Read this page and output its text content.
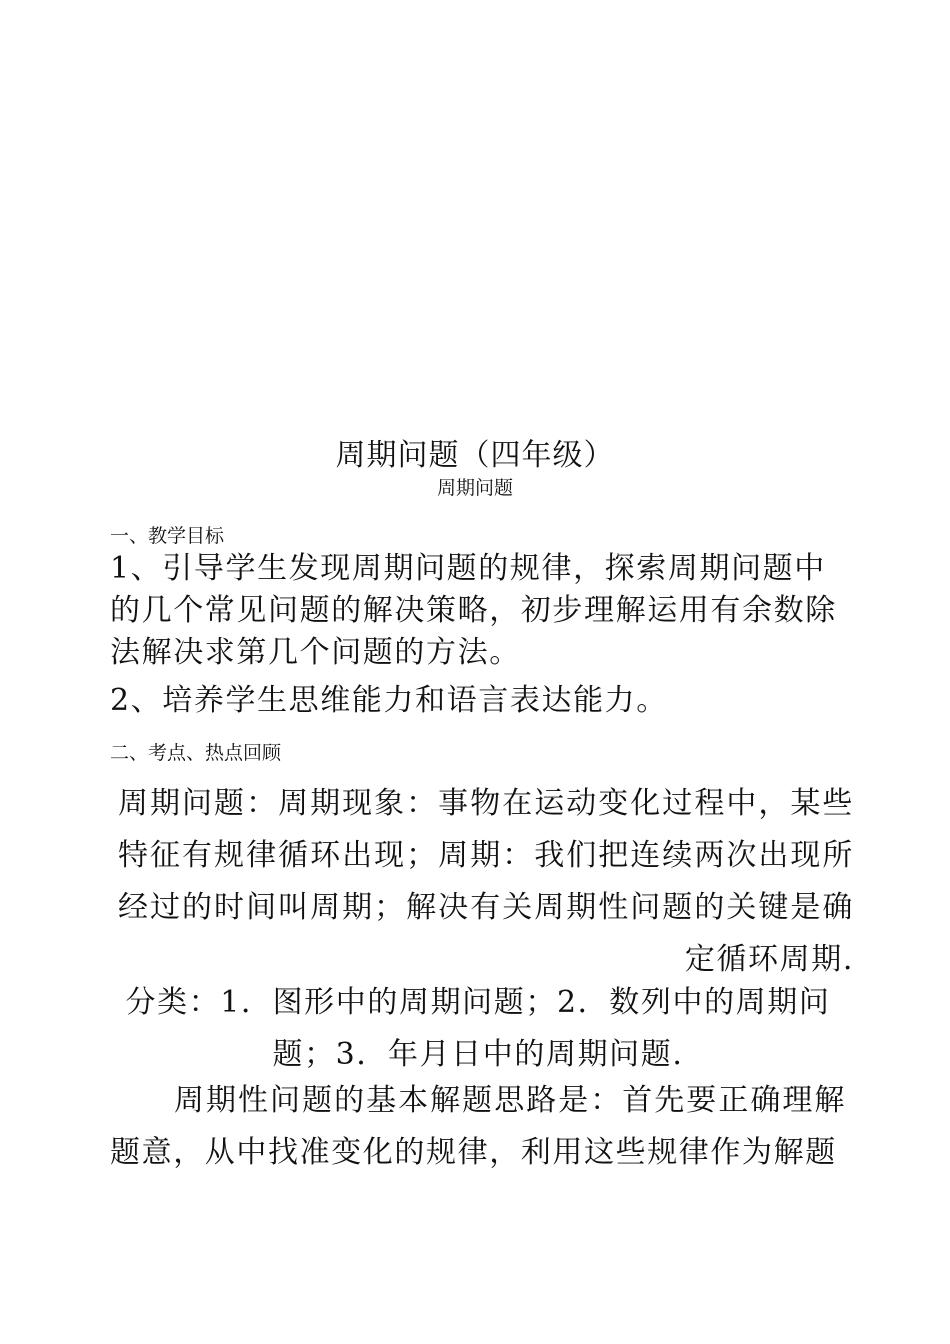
周期问题（四年级）
周期问题
一、教学目标
1、引导学生发现周期问题的规律，探索周期问题中的几个常见问题的解决策略，初步理解运用有余数除法解决求第几个问题的方法。
2、培养学生思维能力和语言表达能力。
二、考点、热点回顾
周期问题：周期现象：事物在运动变化过程中，某些特征有规律循环出现；周期：我们把连续两次出现所经过的时间叫周期；解决有关周期性问题的关键是确定循环周期.
分类：1．图形中的周期问题；2．数列中的周期问题；3．年月日中的周期问题.
周期性问题的基本解题思路是：首先要正确理解题意，从中找准变化的规律，利用这些规律作为解题
